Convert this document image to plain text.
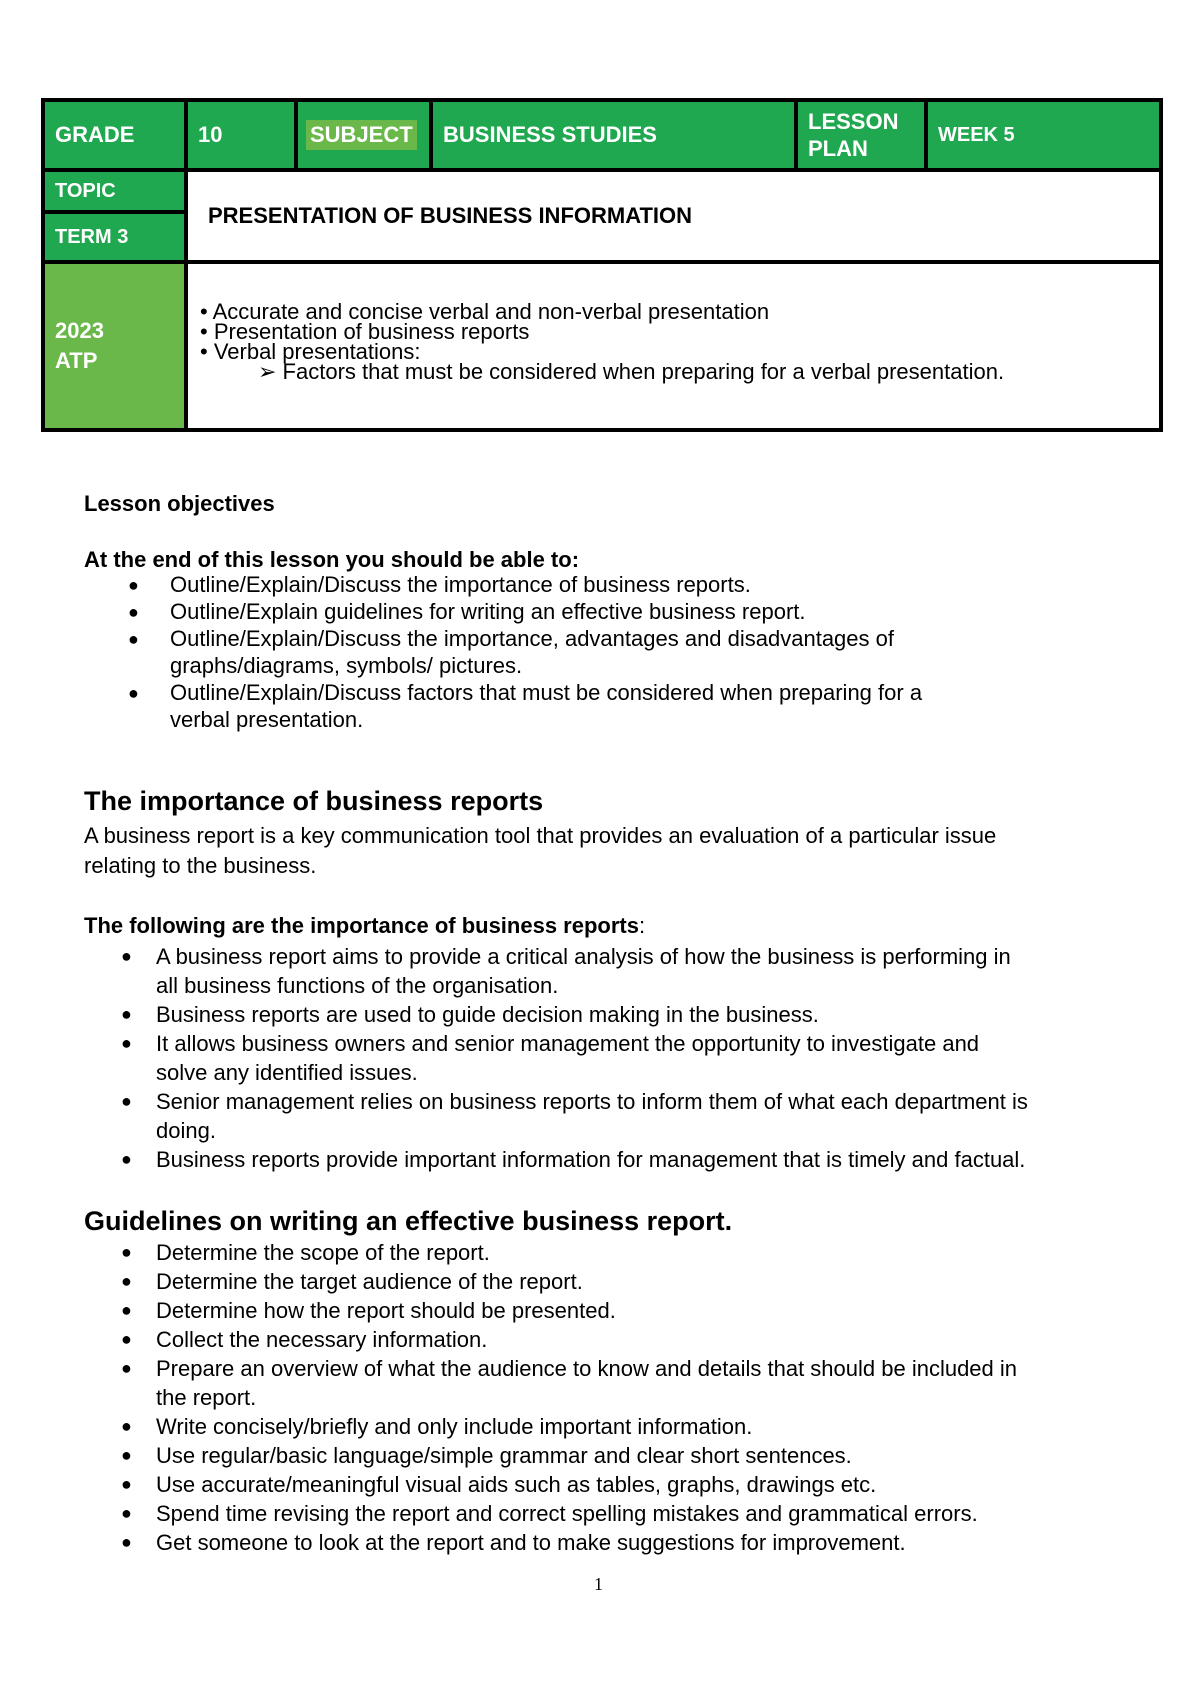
GRADE	10	SUBJECT BUSINESS STUDIES
LESSON
PLAN
WEEK 5
TOPIC
TERM 3
PRESENTATION OF BUSINESS INFORMATION
2023
ATP
• Accurate and concise verbal and non-verbal presentation
• Presentation of business reports
• Verbal presentations:
➢ Factors that must be considered when preparing for a verbal presentation.
Lesson objectives
At the end of this lesson you should be able to:
● Outline/Explain/Discuss the importance of business reports.
● Outline/Explain guidelines for writing an effective business report.
● Outline/Explain/Discuss the importance, advantages and disadvantages of
graphs/diagrams, symbols/ pictures.
● Outline/Explain/Discuss factors that must be considered when preparing for a
verbal presentation.
The importance of business reports
A business report is a key communication tool that provides an evaluation of a particular issue
relating to the business.
The following are the importance of business reports:
● A business report aims to provide a critical analysis of how the business is performing in
all business functions of the organisation.
● Business reports are used to guide decision making in the business.
● It allows business owners and senior management the opportunity to investigate and
solve any identified issues.
● Senior management relies on business reports to inform them of what each department is
doing.
● Business reports provide important information for management that is timely and factual.
Guidelines on writing an effective business report.
● Determine the scope of the report.
● Determine the target audience of the report.
● Determine how the report should be presented.
● Collect the necessary information.
● Prepare an overview of what the audience to know and details that should be included in
the report.
● Write concisely/briefly and only include important information.
● Use regular/basic language/simple grammar and clear short sentences.
● Use accurate/meaningful visual aids such as tables, graphs, drawings etc.
● Spend time revising the report and correct spelling mistakes and grammatical errors.
● Get someone to look at the report and to make suggestions for improvement.
1
